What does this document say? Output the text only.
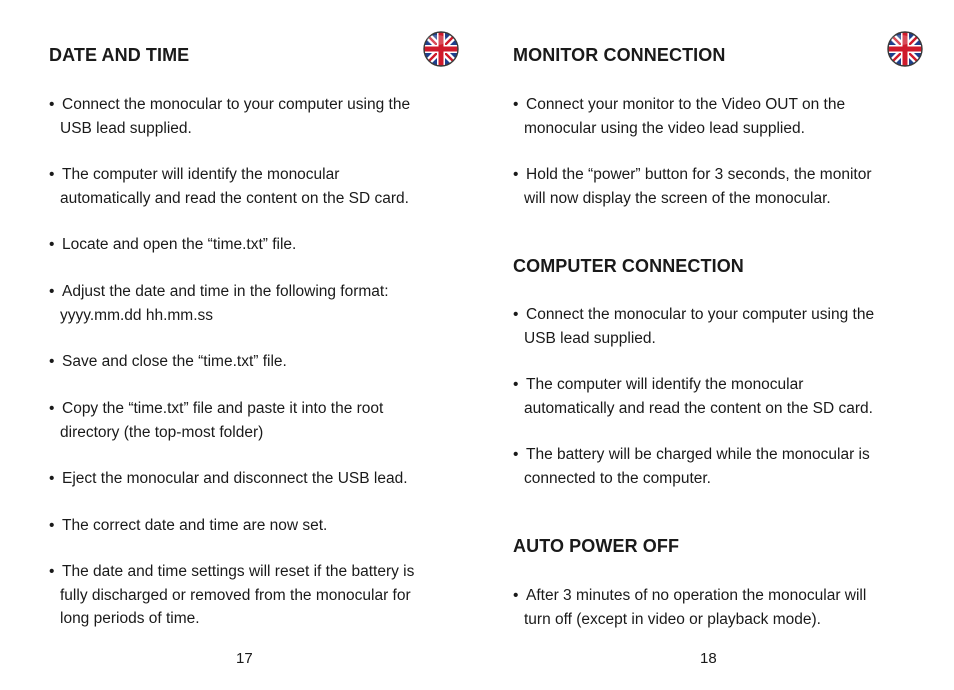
DATE AND TIME
• Connect the monocular to your computer using the
USB lead supplied.
• The computer will identify the monocular
automatically and read the content on the SD card.
• Locate and open the “time.txt” file.
• Adjust the date and time in the following format:
yyyy.mm.dd hh.mm.ss
• Save and close the “time.txt” file.
• Copy the “time.txt” file and paste it into the root
directory (the top-most folder)
• Eject the monocular and disconnect the USB lead.
• The correct date and time are now set.
• The date and time settings will reset if the battery is
fully discharged or removed from the monocular for
long periods of time.
17
MONITOR CONNECTION
• Connect your monitor to the Video OUT on the
monocular using the video lead supplied.
• Hold the “power” button for 3 seconds, the monitor
will now display the screen of the monocular.
COMPUTER CONNECTION
• Connect the monocular to your computer using the
USB lead supplied.
• The computer will identify the monocular
automatically and read the content on the SD card.
• The battery will be charged while the monocular is
connected to the computer.
AUTO POWER OFF
• After 3 minutes of no operation the monocular will
turn off (except in video or playback mode).
18
